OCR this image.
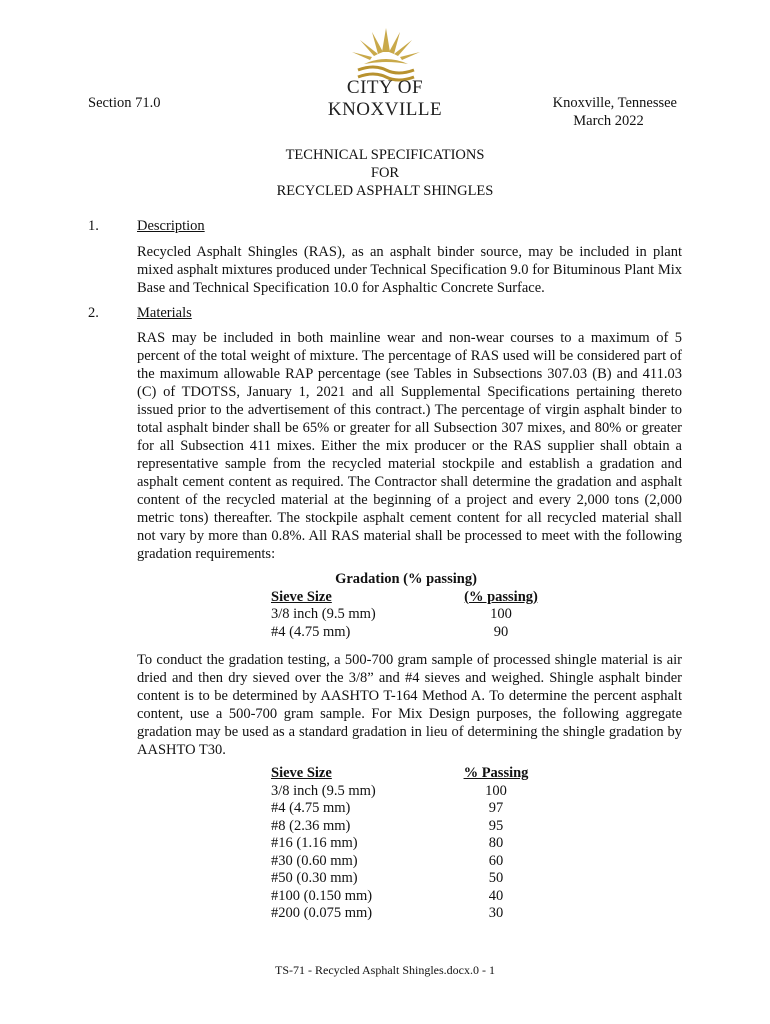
CITY OF KNOXVILLE
Section 71.0	Knoxville, Tennessee
March 2022
TECHNICAL SPECIFICATIONS
FOR
RECYCLED ASPHALT SHINGLES
1.	Description
Recycled Asphalt Shingles (RAS), as an asphalt binder source, may be included in plant mixed asphalt mixtures produced under Technical Specification 9.0 for Bituminous Plant Mix Base and Technical Specification 10.0 for Asphaltic Concrete Surface.
2.	Materials
RAS may be included in both mainline wear and non-wear courses to a maximum of 5 percent of the total weight of mixture. The percentage of RAS used will be considered part of the maximum allowable RAP percentage (see Tables in Subsections 307.03 (B) and 411.03 (C) of TDOTSS, January 1, 2021 and all Supplemental Specifications pertaining thereto issued prior to the advertisement of this contract.) The percentage of virgin asphalt binder to total asphalt binder shall be 65% or greater for all Subsection 307 mixes, and 80% or greater for all Subsection 411 mixes. Either the mix producer or the RAS supplier shall obtain a representative sample from the recycled material stockpile and establish a gradation and asphalt cement content as required. The Contractor shall determine the gradation and asphalt content of the recycled material at the beginning of a project and every 2,000 tons (2,000 metric tons) thereafter. The stockpile asphalt cement content for all recycled material shall not vary by more than 0.8%. All RAS material shall be processed to meet with the following gradation requirements:
Gradation (% passing)
Sieve Size	(% passing)
3/8 inch (9.5 mm)	100
#4 (4.75 mm)	90
To conduct the gradation testing, a 500-700 gram sample of processed shingle material is air dried and then dry sieved over the 3/8” and #4 sieves and weighed. Shingle asphalt binder content is to be determined by AASHTO T-164 Method A. To determine the percent asphalt content, use a 500-700 gram sample. For Mix Design purposes, the following aggregate gradation may be used as a standard gradation in lieu of determining the shingle gradation by AASHTO T30.
Sieve Size	% Passing
3/8 inch (9.5 mm)	100
#4 (4.75 mm)	97
#8 (2.36 mm)	95
#16 (1.16 mm)	80
#30 (0.60 mm)	60
#50 (0.30 mm)	50
#100 (0.150 mm)	40
#200 (0.075 mm)	30
TS-71 - Recycled Asphalt Shingles.docx.0 - 1
